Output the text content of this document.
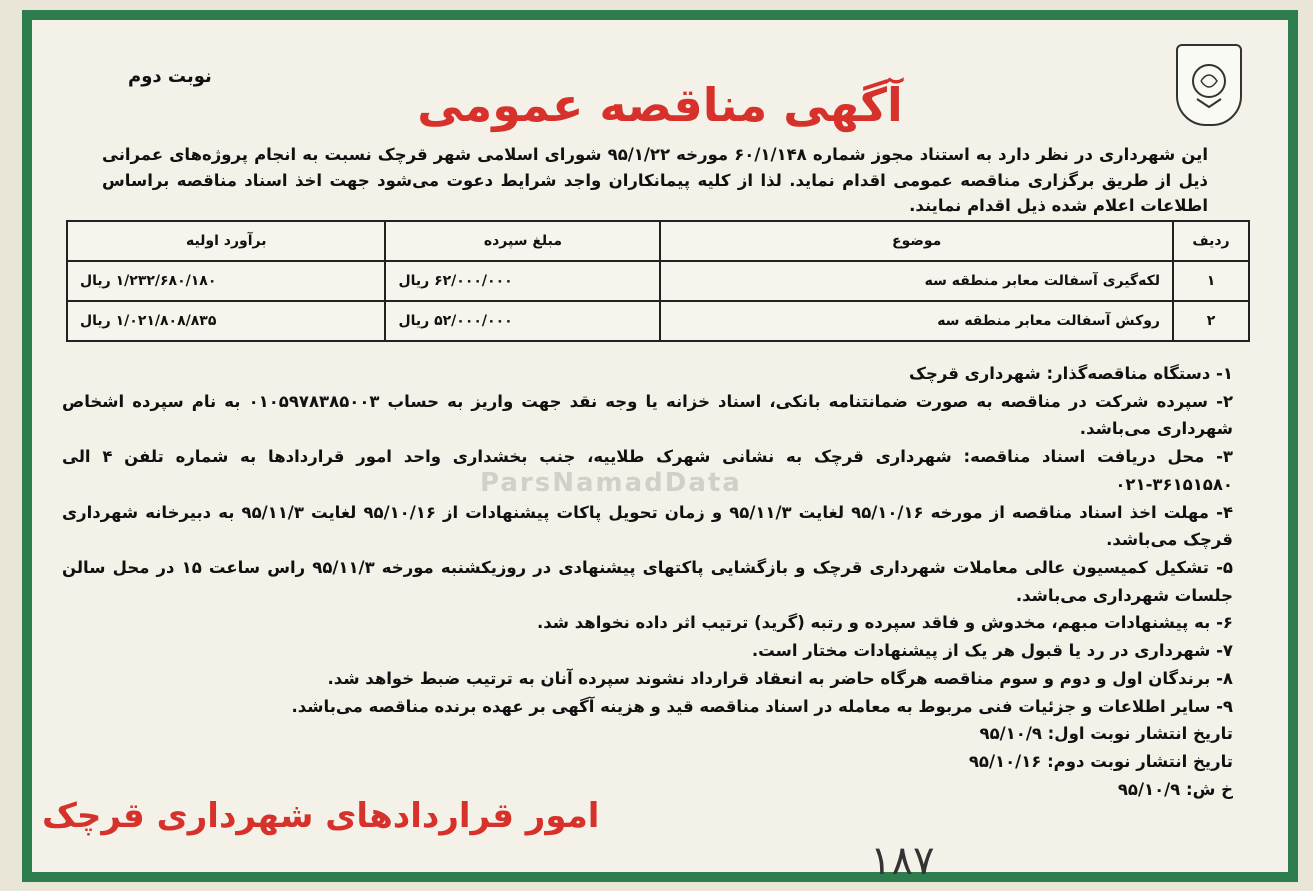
نوبت دوم
آگهی مناقصه عمومی
این شهرداری در نظر دارد به استناد مجوز شماره ۶۰/۱/۱۴۸ مورخه ۹۵/۱/۲۲ شورای اسلامی شهر قرچک نسبت به انجام پروژه‌های عمرانی ذیل از طریق برگزاری مناقصه عمومی اقدام نماید. لذا از کلیه پیمانکاران واجد شرایط دعوت می‌شود جهت اخذ اسناد مناقصه براساس اطلاعات اعلام شده ذیل اقدام نمایند.
ردیف	موضوع	مبلغ سپرده	برآورد اولیه
۱	لکه‌گیری آسفالت معابر منطقه سه	۶۲/۰۰۰/۰۰۰ ریال	۱/۲۳۲/۶۸۰/۱۸۰ ریال
۲	روکش آسفالت معابر منطقه سه	۵۲/۰۰۰/۰۰۰ ریال	۱/۰۲۱/۸۰۸/۸۳۵ ریال

۱- دستگاه مناقصه‌گذار: شهرداری قرچک

۲- سپرده شرکت در مناقصه به صورت ضمانتنامه بانکی، اسناد خزانه یا وجه نقد جهت واریز به حساب ۰۱۰۵۹۷۸۳۸۵۰۰۳ به نام سپرده اشخاص شهرداری می‌باشد.

۳- محل دریافت اسناد مناقصه: شهرداری قرچک به نشانی شهرک طلاییه، جنب بخشداری واحد امور قراردادها به شماره تلفن ۴ الی ۳۶۱۵۱۵۸۰-۰۲۱

۴- مهلت اخذ اسناد مناقصه از مورخه ۹۵/۱۰/۱۶ لغایت ۹۵/۱۱/۳ و زمان تحویل پاکات پیشنهادات از ۹۵/۱۰/۱۶ لغایت ۹۵/۱۱/۳ به دبیرخانه شهرداری قرچک می‌باشد.

۵- تشکیل کمیسیون عالی معاملات شهرداری قرچک و بازگشایی پاکتهای پیشنهادی در روزیکشنبه مورخه ۹۵/۱۱/۳ راس ساعت ۱۵ در محل سالن جلسات شهرداری می‌باشد.

۶- به پیشنهادات مبهم، مخدوش و فاقد سپرده و رتبه (گرید) ترتیب اثر داده نخواهد شد.

۷- شهرداری در رد یا قبول هر یک از پیشنهادات مختار است.

۸- برندگان اول و دوم و سوم مناقصه هرگاه حاضر به انعقاد قرارداد نشوند سپرده آنان به ترتیب ضبط خواهد شد.

۹- سایر اطلاعات و جزئیات فنی مربوط به معامله در اسناد مناقصه قید و هزینه آگهی بر عهده برنده مناقصه می‌باشد.

تاریخ انتشار نوبت اول: ۹۵/۱۰/۹

تاریخ انتشار نوبت دوم: ۹۵/۱۰/۱۶

خ ش: ۹۵/۱۰/۹

امور قراردادهای شهرداری قرچک
۱۸۷
ParsNamadData
